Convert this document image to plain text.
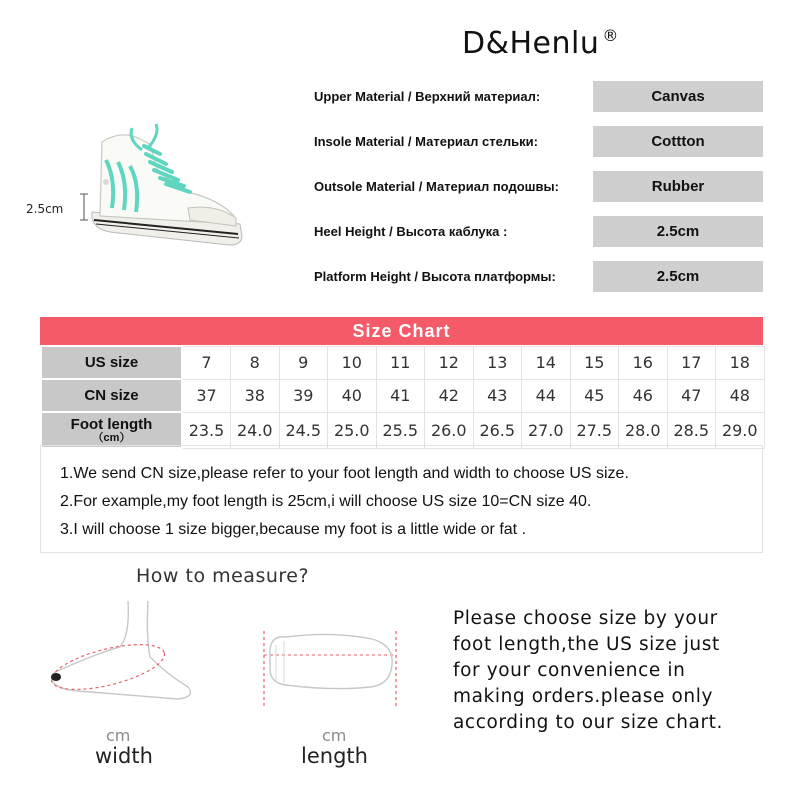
D&Henlu ®
2.5cm
Upper Material / Верхний материал:	Canvas
Insole Material / Материал стельки:	Cottton
Outsole Material / Материал подошвы:	Rubber
Heel Height / Высота каблука :	2.5cm
Platform Height / Высота платформы:	2.5cm
Size Chart
US size	7	8	9	10	11	12	13	14	15	16	17	18
CN size	37	38	39	40	41	42	43	44	45	46	47	48

Foot length
（cm）	23.5	24.0	24.5	25.0	25.5	26.0	26.5	27.0	27.5	28.0	28.5	29.0

1.We send CN size,please refer to your foot length and width to choose US size.

2.For example,my foot length is 25cm,i will choose US size 10=CN size 40.

3.I will choose 1 size bigger,because my foot is a little wide or fat .

How to measure?
cm
width
cm
length
Please choose size by your
foot length,the US size just
for your convenience in
making orders.please only
according to our size chart.
